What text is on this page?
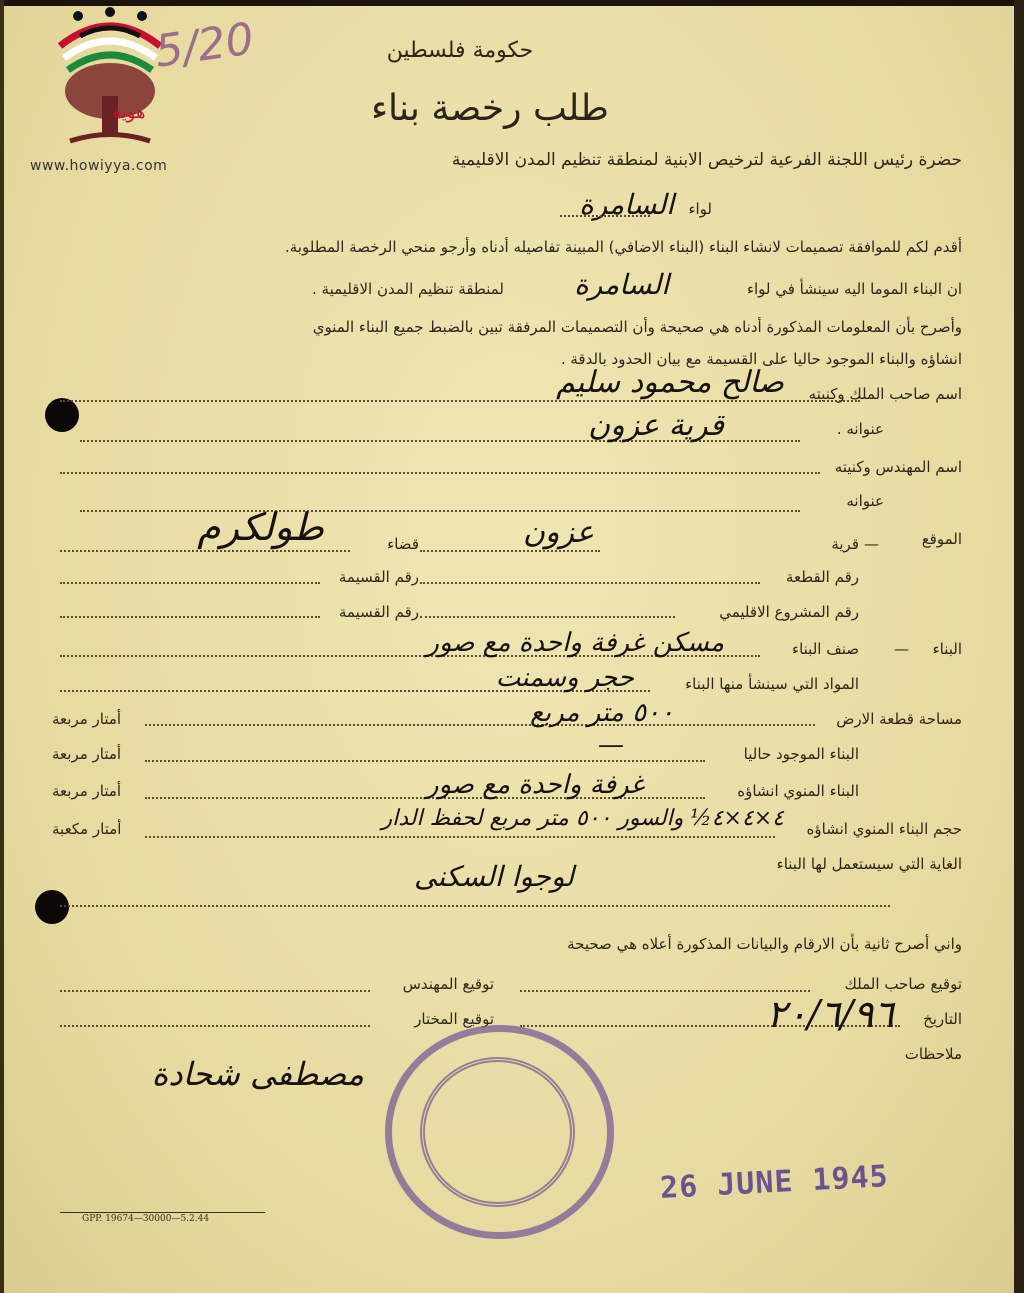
هوية
www.howiyya.com
5/20	حكومة فلسطين
طلب رخصة بناء
حضرة رئيس اللجنة الفرعية لترخيص الابنية لمنطقة تنظيم المدن الاقليمية
لواء
السامرة
أقدم لكم للموافقة تصميمات لانشاء البناء (البناء الاضافي) المبينة تفاصيله أدناه وأرجو منحي الرخصة المطلوبة.
ان البناء الموما اليه سينشأ في لواء
السامرة
لمنطقة تنظيم المدن الاقليمية .
وأصرح بأن المعلومات المذكورة أدناه هي صحيحة وأن التصميمات المرفقة تبين بالضبط جميع البناء المنوي
انشاؤه والبناء الموجود حاليا على القسيمة مع بيان الحدود بالدقة .
اسم صاحب الملك وكنيته
صالح محمود سليم
عنوانه .
قرية عزون
اسم المهندس وكنيته
عنوانه
الموقع
—
قرية
عزون
قضاء
طولكرم
رقم القطعة
رقم القسيمة
رقم المشروع الاقليمي
رقم القسيمة
البناء
—
صنف البناء
مسكن غرفة واحدة مع صور
المواد التي سينشأ منها البناء
حجر وسمنت
مساحة قطعة الارض
٥٠٠ متر مربع
أمتار مربعة
البناء الموجود حاليا
—
أمتار مربعة
البناء المنوي انشاؤه
غرفة واحدة مع صور
أمتار مربعة
حجم البناء المنوي انشاؤه
٤×٤×٤½ والسور ٥٠٠ متر مربع لحفظ الدار
أمتار مكعبة
الغاية التي سيستعمل لها البناء
لوجوا السكنى
واني أصرح ثانية بأن الارقام والبيانات المذكورة أعلاه هي صحيحة
توقيع صاحب الملك
توقيع المهندس
التاريخ
٢٠/٦/٩٦
توقيع المختار
ملاحظات
مصطفى شحادة
26 JUNE 1945
GPP. 19674—30000—5.2.44
